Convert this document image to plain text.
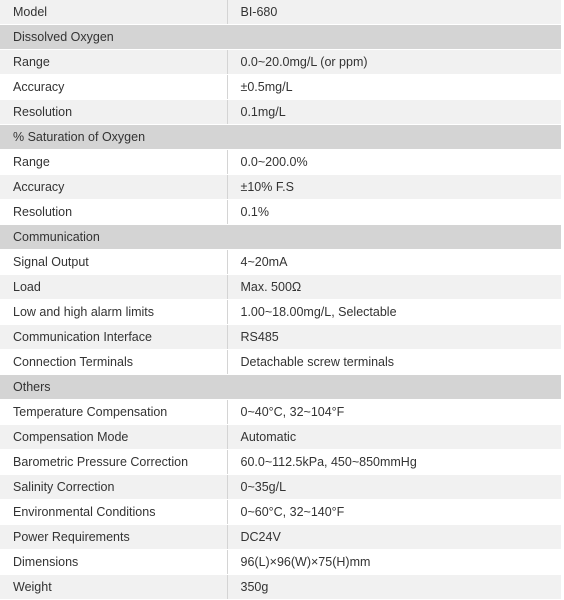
Model	BI-680
Dissolved Oxygen	
Range	0.0~20.0mg/L (or ppm)
Accuracy	±0.5mg/L
Resolution	0.1mg/L
% Saturation of Oxygen	
Range	0.0~200.0%
Accuracy	±10% F.S
Resolution	0.1%
Communication	
Signal Output	4~20mA
Load	Max. 500Ω
Low and high alarm limits	1.00~18.00mg/L, Selectable
Communication Interface	RS485
Connection Terminals	Detachable screw terminals
Others	
Temperature Compensation	0~40°C, 32~104°F
Compensation Mode	Automatic
Barometric Pressure Correction	60.0~112.5kPa, 450~850mmHg
Salinity Correction	0~35g/L
Environmental Conditions	0~60°C, 32~140°F
Power Requirements	DC24V
Dimensions	96(L)×96(W)×75(H)mm
Weight	350g
